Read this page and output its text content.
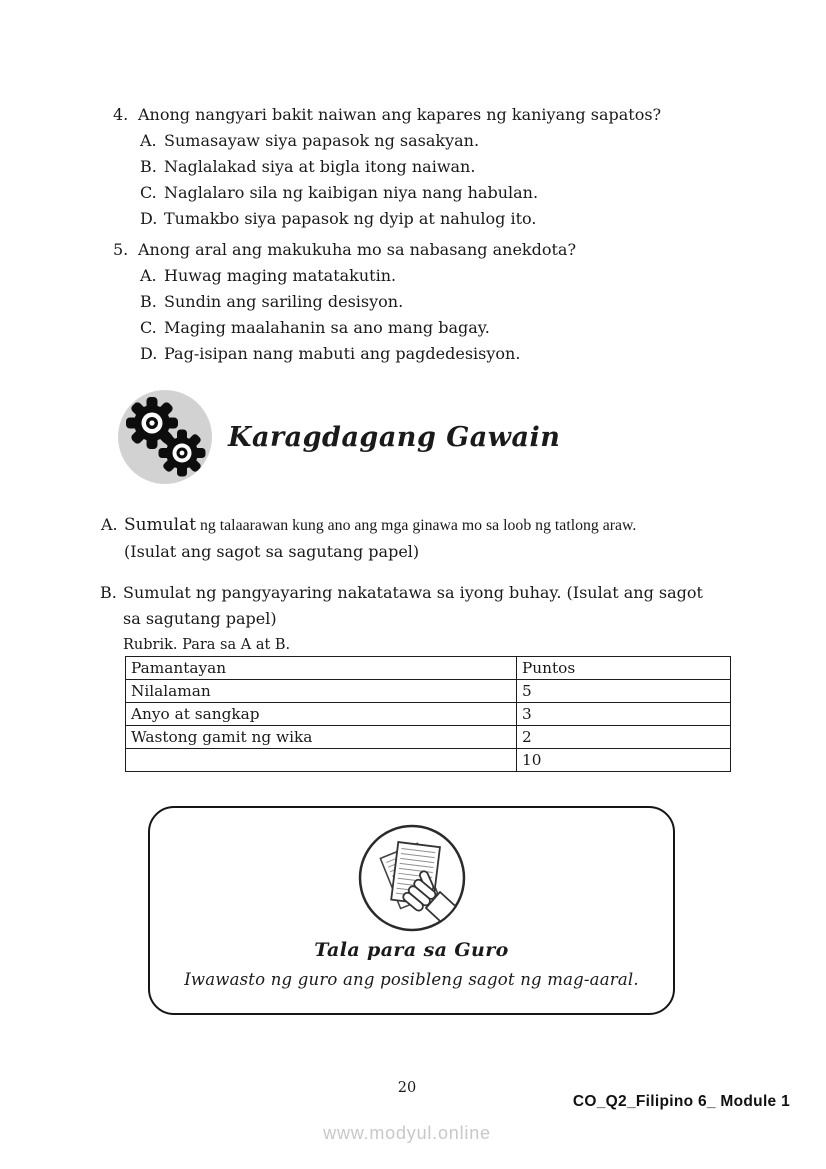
4. Anong nangyari bakit naiwan ang kapares ng kaniyang sapatos?
A. Sumasayaw siya papasok ng sasakyan.
B. Naglalakad siya at bigla itong naiwan.
C. Naglalaro sila ng kaibigan niya nang habulan.
D. Tumakbo siya papasok ng dyip at nahulog ito.
5. Anong aral ang makukuha mo sa nabasang anekdota?
A. Huwag maging matatakutin.
B. Sundin ang sariling desisyon.
C. Maging maalahanin sa ano mang bagay.
D. Pag-isipan nang mabuti ang pagdedesisyon.
Karagdagang Gawain
A. Sumulat ng talaarawan kung ano ang mga ginawa mo sa loob ng tatlong araw.
(Isulat ang sagot sa sagutang papel)
B. Sumulat ng pangyayaring nakatatawa sa iyong buhay. (Isulat ang sagot
sa sagutang papel)
Rubrik. Para sa A at B.
Pamantayan	Puntos
Nilalaman	5
Anyo at sangkap	3
Wastong gamit ng wika	2
	10
Tala para sa Guro
Iwawasto ng guro ang posibleng sagot ng mag-aaral.
20
CO_Q2_Filipino 6_ Module 1
www.modyul.online
